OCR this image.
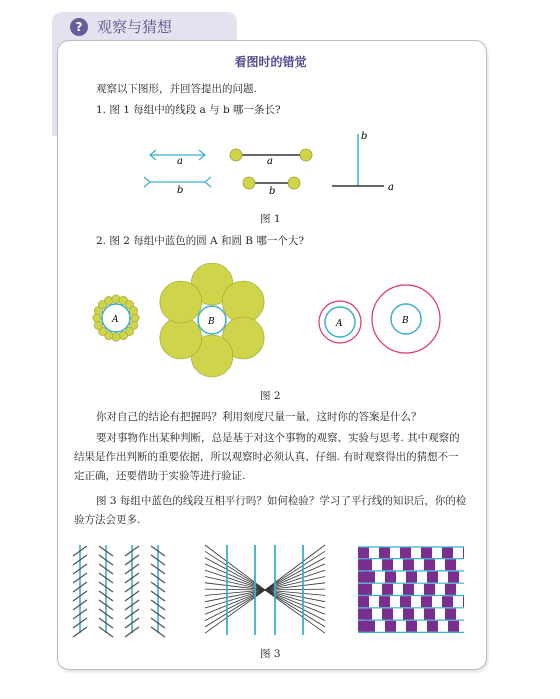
? 观察与猜想
看图时的错觉
观察以下图形，并回答提出的问题.
1. 图 1 每组中的线段 a 与 b 哪一条长?
a
b
a
b
b
a
图 1
2. 图 2 每组中蓝色的圆 A 和圆 B 哪一个大?
A	B	A	B
图 2
你对自己的结论有把握吗？利用刻度尺量一量，这时你的答案是什么？
要对事物作出某种判断，总是基于对这个事物的观察、实验与思考. 其中观察的结果是作出判断的重要依据，所以观察时必须认真、仔细. 有时观察得出的猜想不一定正确，还要借助于实验等进行验证.
图 3 每组中蓝色的线段互相平行吗？如何检验？学习了平行线的知识后，你的检验方法会更多.
图 3
